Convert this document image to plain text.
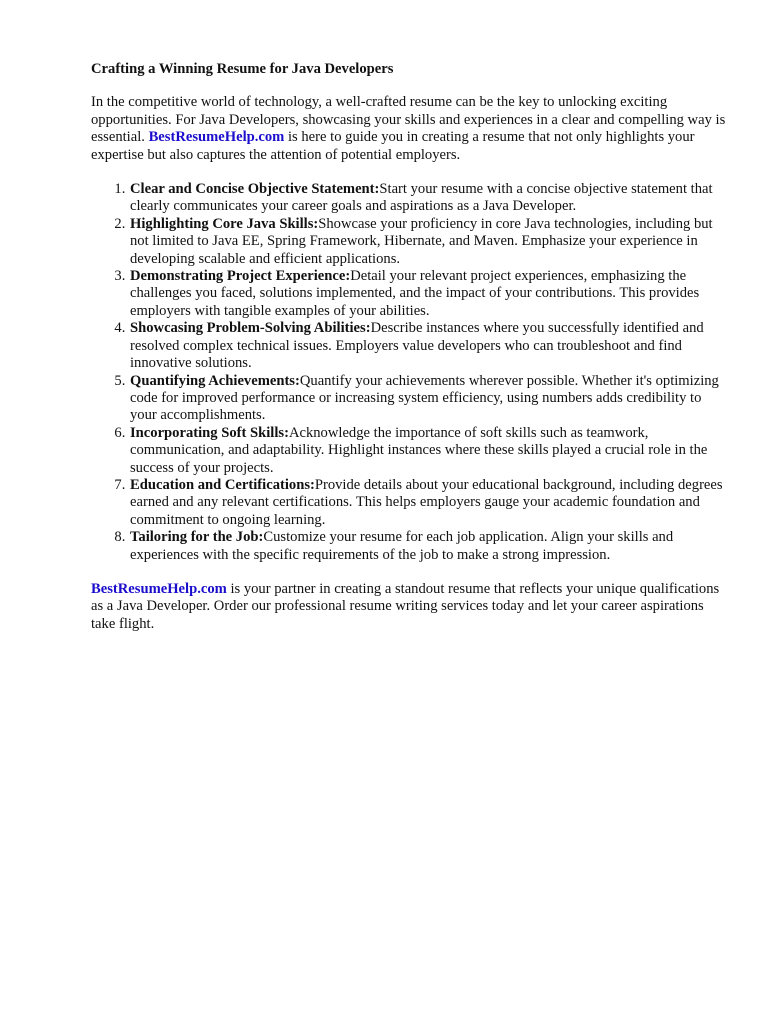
Crafting a Winning Resume for Java Developers

In the competitive world of technology, a well-crafted resume can be the key to unlocking exciting opportunities. For Java Developers, showcasing your skills and experiences in a clear and compelling way is essential. BestResumeHelp.com is here to guide you in creating a resume that not only highlights your expertise but also captures the attention of potential employers.

1. Clear and Concise Objective Statement:Start your resume with a concise objective statement that clearly communicates your career goals and aspirations as a Java Developer.
2. Highlighting Core Java Skills:Showcase your proficiency in core Java technologies, including but not limited to Java EE, Spring Framework, Hibernate, and Maven. Emphasize your experience in developing scalable and efficient applications.
3. Demonstrating Project Experience:Detail your relevant project experiences, emphasizing the challenges you faced, solutions implemented, and the impact of your contributions. This provides employers with tangible examples of your abilities.
4. Showcasing Problem-Solving Abilities:Describe instances where you successfully identified and resolved complex technical issues. Employers value developers who can troubleshoot and find innovative solutions.
5. Quantifying Achievements:Quantify your achievements wherever possible. Whether it's optimizing code for improved performance or increasing system efficiency, using numbers adds credibility to your accomplishments.
6. Incorporating Soft Skills:Acknowledge the importance of soft skills such as teamwork, communication, and adaptability. Highlight instances where these skills played a crucial role in the success of your projects.
7. Education and Certifications:Provide details about your educational background, including degrees earned and any relevant certifications. This helps employers gauge your academic foundation and commitment to ongoing learning.
8. Tailoring for the Job:Customize your resume for each job application. Align your skills and experiences with the specific requirements of the job to make a strong impression.

BestResumeHelp.com is your partner in creating a standout resume that reflects your unique qualifications as a Java Developer. Order our professional resume writing services today and let your career aspirations take flight.
